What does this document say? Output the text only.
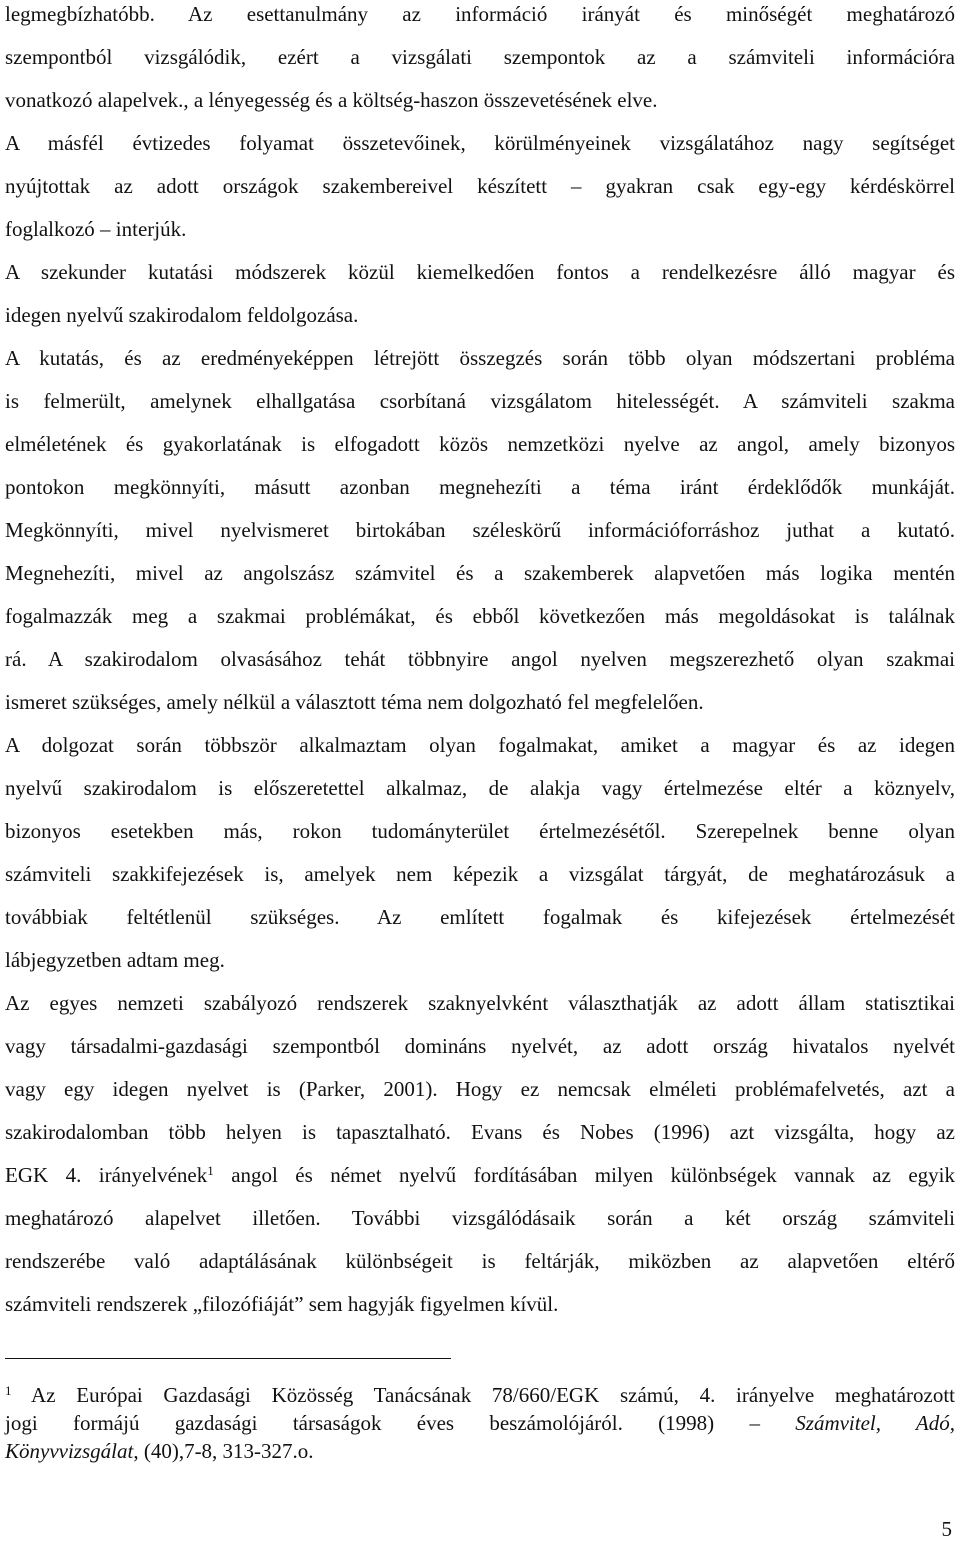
legmegbízhatóbb. Az esettanulmány az információ irányát és minőségét meghatározó
szempontból vizsgálódik, ezért a vizsgálati szempontok az a számviteli információra
vonatkozó alapelvek., a lényegesség és a költség-haszon összevetésének elve.
A másfél évtizedes folyamat összetevőinek, körülményeinek vizsgálatához nagy segítséget
nyújtottak az adott országok szakembereivel készített – gyakran csak egy-egy kérdéskörrel
foglalkozó – interjúk.
A szekunder kutatási módszerek közül kiemelkedően fontos a rendelkezésre álló magyar és
idegen nyelvű szakirodalom feldolgozása.
A kutatás, és az eredményeképpen létrejött összegzés során több olyan módszertani probléma
is felmerült, amelynek elhallgatása csorbítaná vizsgálatom hitelességét. A számviteli szakma
elméletének és gyakorlatának is elfogadott közös nemzetközi nyelve az angol, amely bizonyos
pontokon megkönnyíti, másutt azonban megnehezíti a téma iránt érdeklődők munkáját.
Megkönnyíti, mivel nyelvismeret birtokában széleskörű információforráshoz juthat a kutató.
Megnehezíti, mivel az angolszász számvitel és a szakemberek alapvetően más logika mentén
fogalmazzák meg a szakmai problémákat, és ebből következően más megoldásokat is találnak
rá. A szakirodalom olvasásához tehát többnyire angol nyelven megszerezhető olyan szakmai
ismeret szükséges, amely nélkül a választott téma nem dolgozható fel megfelelően.
A dolgozat során többször alkalmaztam olyan fogalmakat, amiket a magyar és az idegen
nyelvű szakirodalom is előszeretettel alkalmaz, de alakja vagy értelmezése eltér a köznyelv,
bizonyos esetekben más, rokon tudományterület értelmezésétől. Szerepelnek benne olyan
számviteli szakkifejezések is, amelyek nem képezik a vizsgálat tárgyát, de meghatározásuk a
továbbiak feltétlenül szükséges. Az említett fogalmak és kifejezések értelmezését
lábjegyzetben adtam meg.
Az egyes nemzeti szabályozó rendszerek szaknyelvként választhatják az adott állam statisztikai
vagy társadalmi-gazdasági szempontból domináns nyelvét, az adott ország hivatalos nyelvét
vagy egy idegen nyelvet is (Parker, 2001). Hogy ez nemcsak elméleti problémafelvetés, azt a
szakirodalomban több helyen is tapasztalható. Evans és Nobes (1996) azt vizsgálta, hogy az
EGK 4. irányelvének$^1$ angol és német nyelvű fordításában milyen különbségek vannak az egyik
meghatározó alapelvet illetően. További vizsgálódásaik során a két ország számviteli
rendszerébe való adaptálásának különbségeit is feltárják, miközben az alapvetően eltérő
számviteli rendszerek „filozófiáját” sem hagyják figyelmen kívül.
$^1$ Az Európai Gazdasági Közösség Tanácsának 78/660/EGK számú, 4. irányelve meghatározott
jogi formájú gazdasági társaságok éves beszámolójáról. (1998) – Számvitel, Adó,
Könyvvizsgálat, (40),7-8, 313-327.o.
5
